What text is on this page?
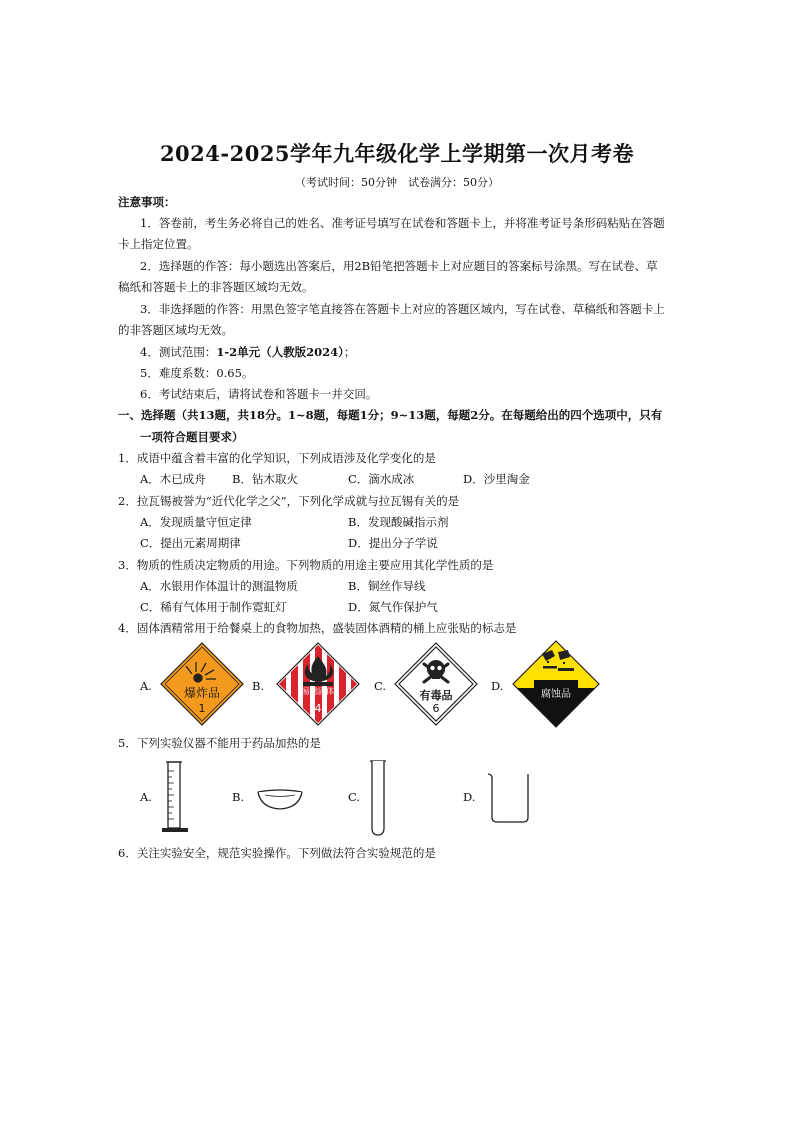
2024-2025学年九年级化学上学期第一次月考卷
（考试时间：50分钟　试卷满分：50分）
注意事项：
1．答卷前，考生务必将自己的姓名、准考证号填写在试卷和答题卡上，并将准考证号条形码粘贴在答题
卡上指定位置。
2．选择题的作答：每小题选出答案后，用2B铅笔把答题卡上对应题目的答案标号涂黑。写在试卷、草
稿纸和答题卡上的非答题区域均无效。
3．非选择题的作答：用黑色签字笔直接答在答题卡上对应的答题区域内，写在试卷、草稿纸和答题卡上
的非答题区域均无效。
4．测试范围：1-2单元（人教版2024）；
5．难度系数：0.65。
6．考试结束后，请将试卷和答题卡一并交回。
一、选择题（共13题，共18分。1~8题，每题1分；9~13题，每题2分。在每题给出的四个选项中，只有
一项符合题目要求）
1．成语中蕴含着丰富的化学知识，下列成语涉及化学变化的是
A．木已成舟 B．钻木取火	C．滴水成冰	D．沙里淘金
2．拉瓦锡被誉为“近代化学之父”，下列化学成就与拉瓦锡有关的是
A．发现质量守恒定律	B．发现酸碱指示剂
C．提出元素周期律	D．提出分子学说
3．物质的性质决定物质的用途。下列物质的用途主要应用其化学性质的是
A．水银用作体温计的测温物质	B．铜丝作导线
C．稀有气体用于制作霓虹灯	D．氮气作保护气
4．固体酒精常用于给餐桌上的食物加热，盛装固体酒精的桶上应张贴的标志是
A.	爆炸品
1
B.	易燃固体
4
C.
有毒品
6
D.
腐蚀品
5．下列实验仪器不能用于药品加热的是
A.	B.	C.	D.
6．关注实验安全，规范实验操作。下列做法符合实验规范的是
